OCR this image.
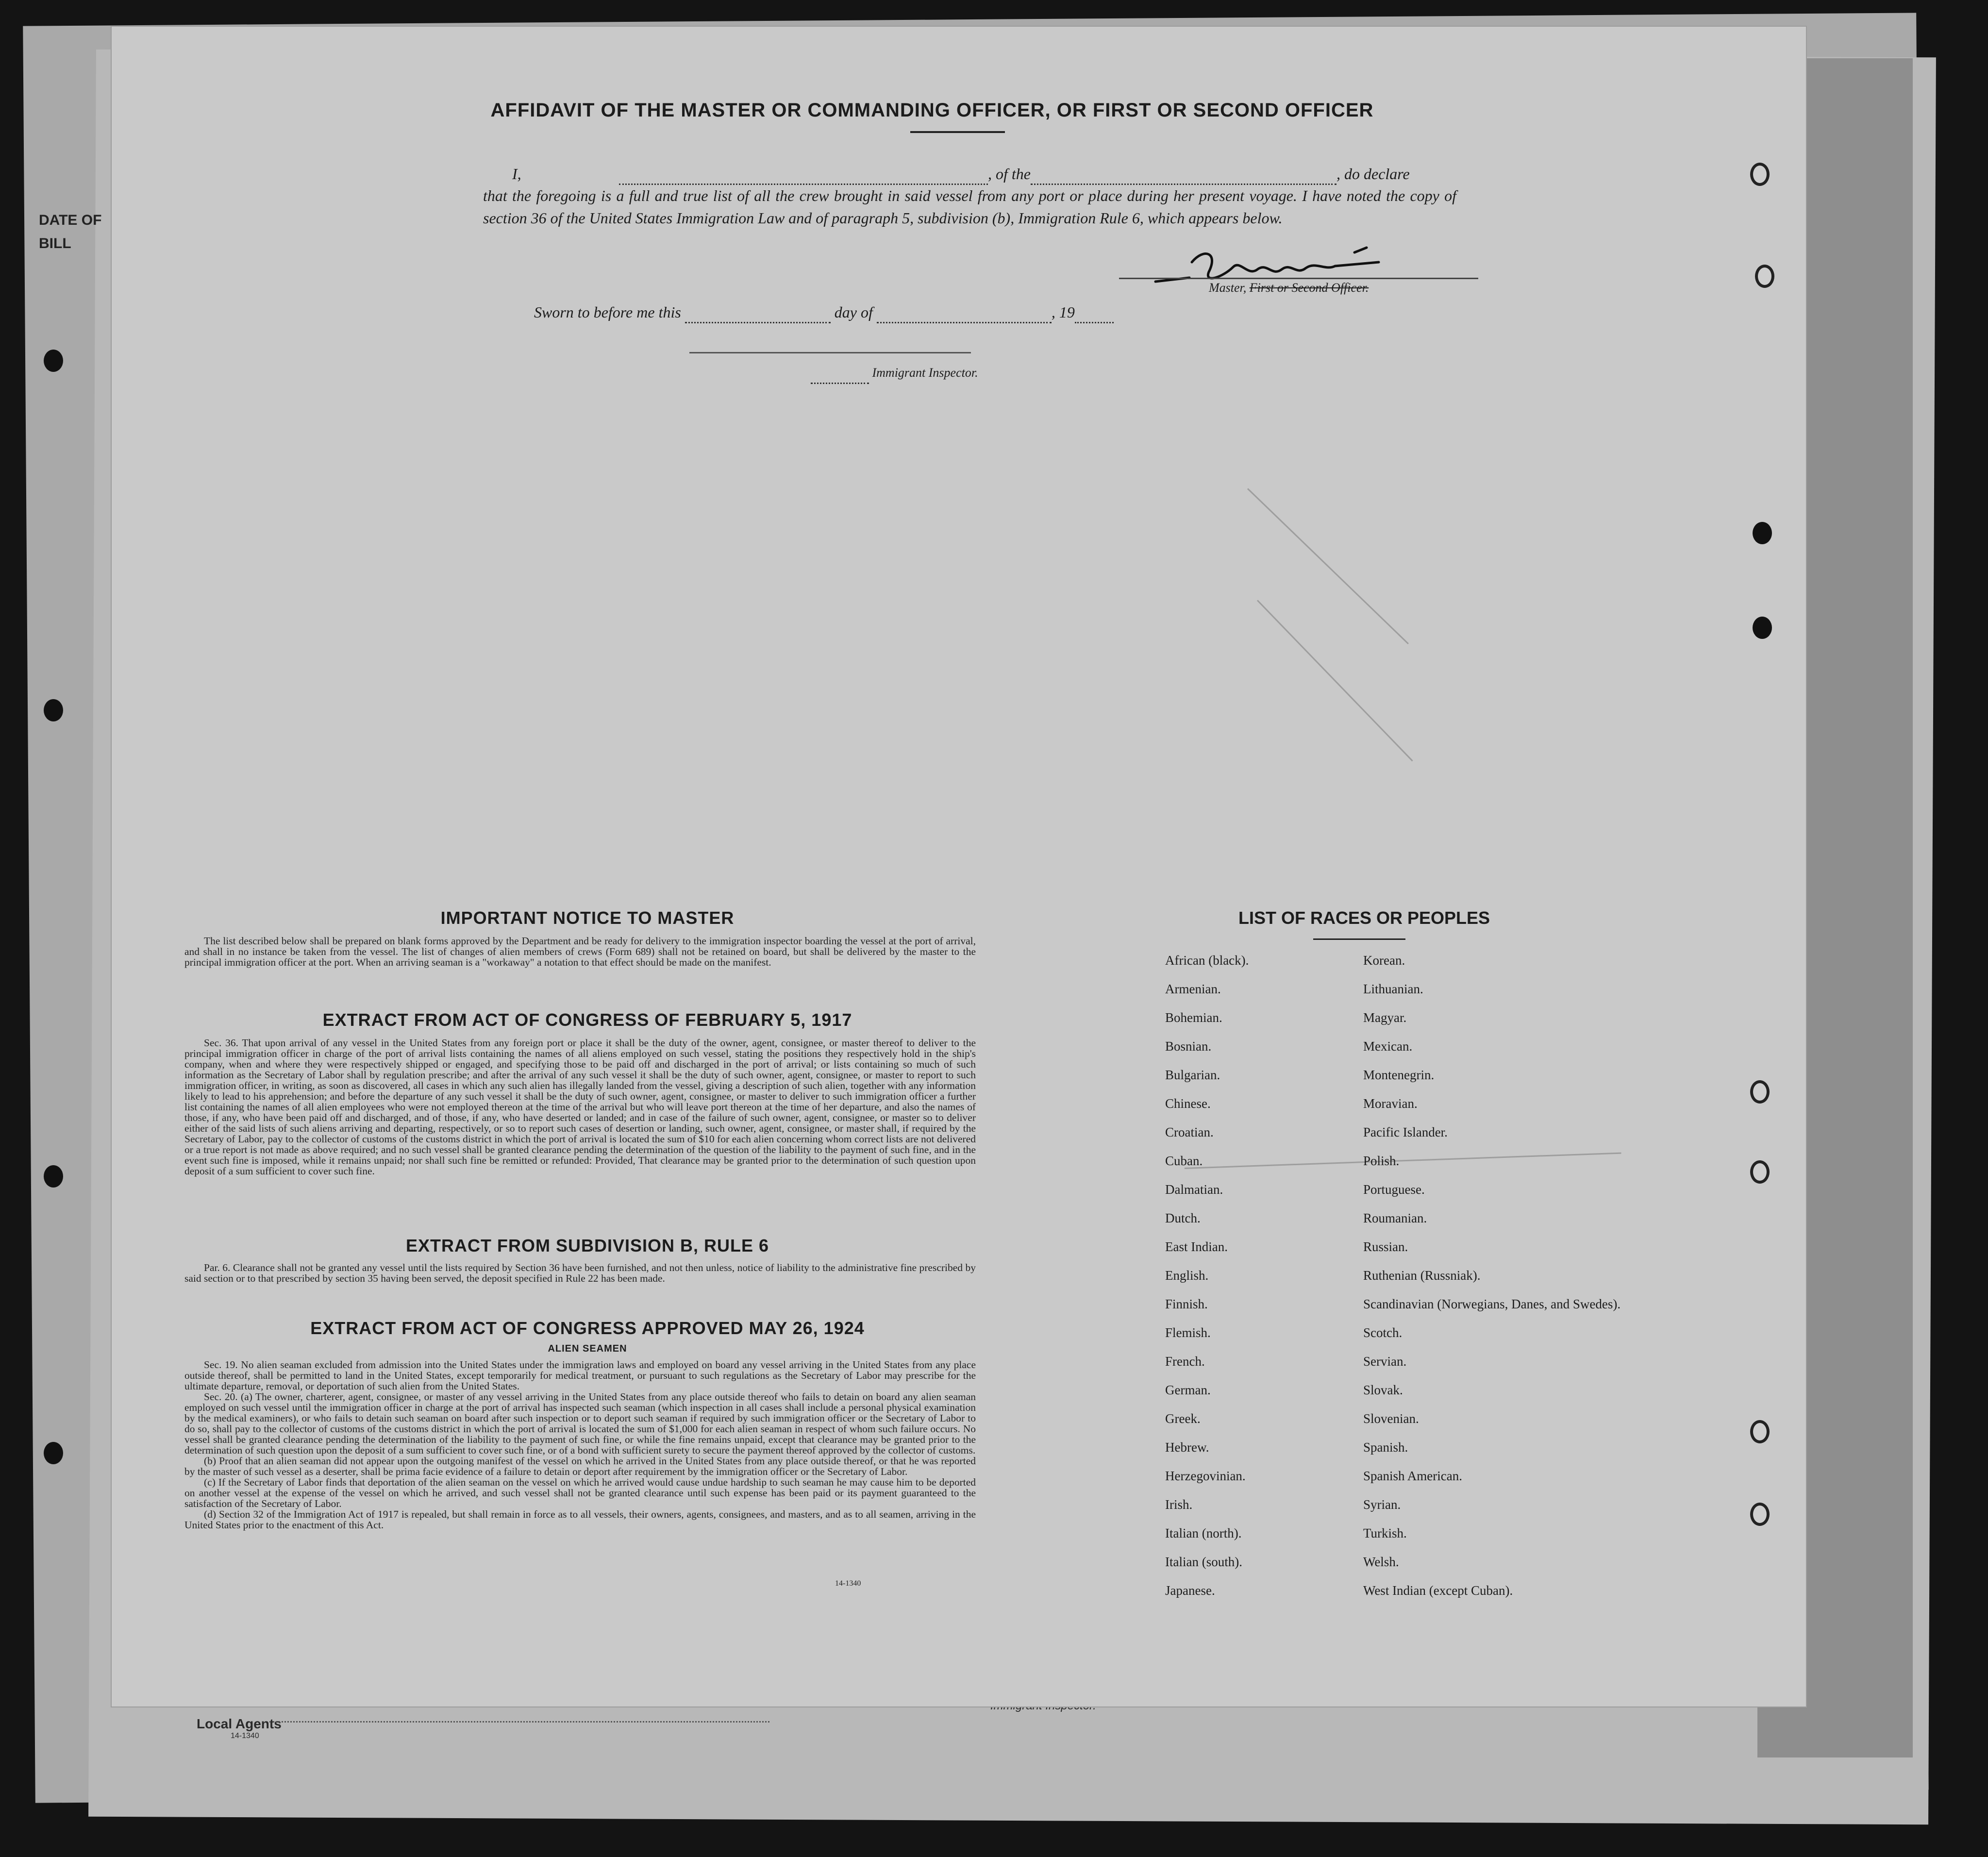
DATE OF
BILL
Local Agents
14-1340
AFFIDAVIT OF THE MASTER OR COMMANDING OFFICER, OR FIRST OR SECOND OFFICER
I,	, of the	, do declare
that the foregoing is a full and true list of all the crew brought in said vessel from any port or place during her present voyage. I have noted the copy of section 36 of the United States Immigration Law and of paragraph 5, subdivision (b), Immigration Rule 6, which appears below.
Master, First or Second Officer.
Sworn to before me this	day of	, 19
Immigrant Inspector.
IMPORTANT NOTICE TO MASTER

The list described below shall be prepared on blank forms approved by the Department and be ready for delivery to the immigration inspector boarding the vessel at the port of arrival, and shall in no instance be taken from the vessel. The list of changes of alien members of crews (Form 689) shall not be retained on board, but shall be delivered by the master to the principal immigration officer at the port. When an arriving seaman is a "workaway" a notation to that effect should be made on the manifest.

EXTRACT FROM ACT OF CONGRESS OF FEBRUARY 5, 1917

Sec. 36. That upon arrival of any vessel in the United States from any foreign port or place it shall be the duty of the owner, agent, consignee, or master thereof to deliver to the principal immigration officer in charge of the port of arrival lists containing the names of all aliens employed on such vessel, stating the positions they respectively hold in the ship's company, when and where they were respectively shipped or engaged, and specifying those to be paid off and discharged in the port of arrival; or lists containing so much of such information as the Secretary of Labor shall by regulation prescribe; and after the arrival of any such vessel it shall be the duty of such owner, agent, consignee, or master to report to such immigration officer, in writing, as soon as discovered, all cases in which any such alien has illegally landed from the vessel, giving a description of such alien, together with any information likely to lead to his apprehension; and before the departure of any such vessel it shall be the duty of such owner, agent, consignee, or master to deliver to such immigration officer a further list containing the names of all alien employees who were not employed thereon at the time of the arrival but who will leave port thereon at the time of her departure, and also the names of those, if any, who have been paid off and discharged, and of those, if any, who have deserted or landed; and in case of the failure of such owner, agent, consignee, or master so to deliver either of the said lists of such aliens arriving and departing, respectively, or so to report such cases of desertion or landing, such owner, agent, consignee, or master shall, if required by the Secretary of Labor, pay to the collector of customs of the customs district in which the port of arrival is located the sum of $10 for each alien concerning whom correct lists are not delivered or a true report is not made as above required; and no such vessel shall be granted clearance pending the determination of the question of the liability to the payment of such fine, and in the event such fine is imposed, while it remains unpaid; nor shall such fine be remitted or refunded: Provided, That clearance may be granted prior to the determination of such question upon deposit of a sum sufficient to cover such fine.

EXTRACT FROM SUBDIVISION B, RULE 6

Par. 6. Clearance shall not be granted any vessel until the lists required by Section 36 have been furnished, and not then unless, notice of liability to the administrative fine prescribed by said section or to that prescribed by section 35 having been served, the deposit specified in Rule 22 has been made.

EXTRACT FROM ACT OF CONGRESS APPROVED MAY 26, 1924
ALIEN SEAMEN

Sec. 19. No alien seaman excluded from admission into the United States under the immigration laws and employed on board any vessel arriving in the United States from any place outside thereof, shall be permitted to land in the United States, except temporarily for medical treatment, or pursuant to such regulations as the Secretary of Labor may prescribe for the ultimate departure, removal, or deportation of such alien from the United States.

Sec. 20. (a) The owner, charterer, agent, consignee, or master of any vessel arriving in the United States from any place outside thereof who fails to detain on board any alien seaman employed on such vessel until the immigration officer in charge at the port of arrival has inspected such seaman (which inspection in all cases shall include a personal physical examination by the medical examiners), or who fails to detain such seaman on board after such inspection or to deport such seaman if required by such immigration officer or the Secretary of Labor to do so, shall pay to the collector of customs of the customs district in which the port of arrival is located the sum of $1,000 for each alien seaman in respect of whom such failure occurs. No vessel shall be granted clearance pending the determination of the liability to the payment of such fine, or while the fine remains unpaid, except that clearance may be granted prior to the determination of such question upon the deposit of a sum sufficient to cover such fine, or of a bond with sufficient surety to secure the payment thereof approved by the collector of customs.

(b) Proof that an alien seaman did not appear upon the outgoing manifest of the vessel on which he arrived in the United States from any place outside thereof, or that he was reported by the master of such vessel as a deserter, shall be prima facie evidence of a failure to detain or deport after requirement by the immigration officer or the Secretary of Labor.

(c) If the Secretary of Labor finds that deportation of the alien seaman on the vessel on which he arrived would cause undue hardship to such seaman he may cause him to be deported on another vessel at the expense of the vessel on which he arrived, and such vessel shall not be granted clearance until such expense has been paid or its payment guaranteed to the satisfaction of the Secretary of Labor.

(d) Section 32 of the Immigration Act of 1917 is repealed, but shall remain in force as to all vessels, their owners, agents, consignees, and masters, and as to all seamen, arriving in the United States prior to the enactment of this Act.

14-1340
LIST OF RACES OR PEOPLES
African (black).
Armenian.
Bohemian.
Bosnian.
Bulgarian.
Chinese.
Croatian.
Cuban.
Dalmatian.
Dutch.
East Indian.
English.
Finnish.
Flemish.
French.
German.
Greek.
Hebrew.
Herzegovinian.
Irish.
Italian (north).
Italian (south).
Japanese.
Korean.
Lithuanian.
Magyar.
Mexican.
Montenegrin.
Moravian.
Pacific Islander.
Polish.
Portuguese.
Roumanian.
Russian.
Ruthenian (Russniak).
Scandinavian (Norwegians, Danes, and Swedes).
Scotch.
Servian.
Slovak.
Slovenian.
Spanish.
Spanish American.
Syrian.
Turkish.
Welsh.
West Indian (except Cuban).
